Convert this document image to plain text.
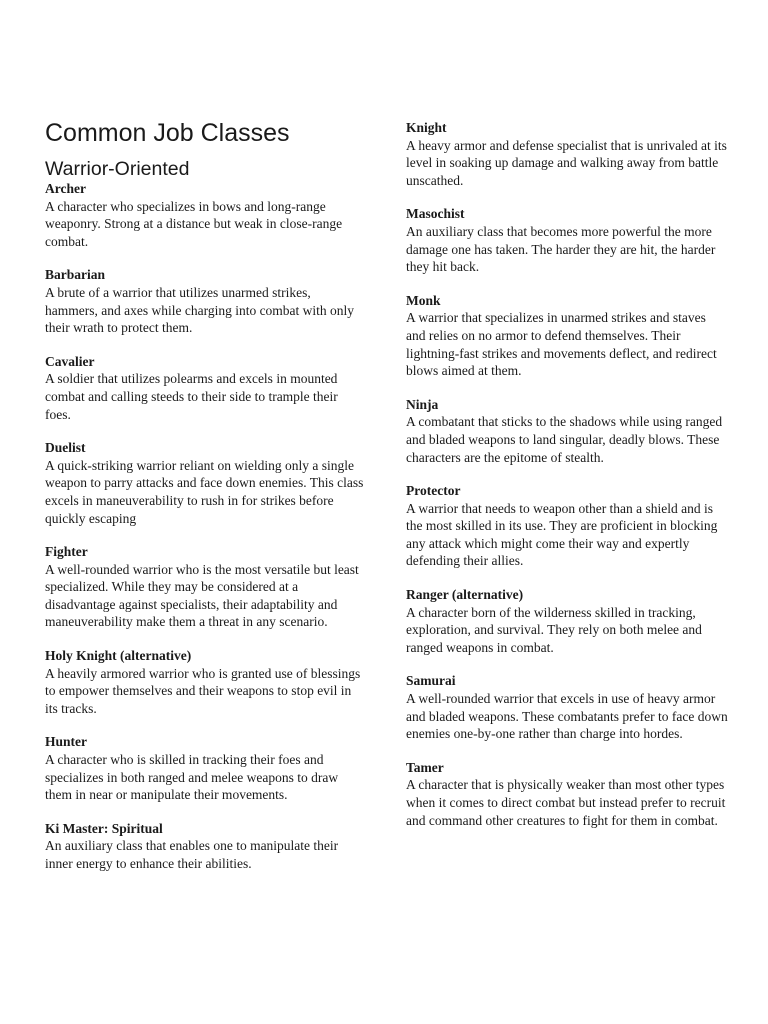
Common Job Classes
Warrior-Oriented

Archer

A character who specializes in bows and long-range weaponry. Strong at a distance but weak in close-range combat.

Barbarian

A brute of a warrior that utilizes unarmed strikes, hammers, and axes while charging into combat with only their wrath to protect them.

Cavalier

A soldier that utilizes polearms and excels in mounted combat and calling steeds to their side to trample their foes.

Duelist

A quick-striking warrior reliant on wielding only a single weapon to parry attacks and face down enemies. This class excels in maneuverability to rush in for strikes before quickly escaping

Fighter

A well-rounded warrior who is the most versatile but least specialized. While they may be considered at a disadvantage against specialists, their adaptability and maneuverability make them a threat in any scenario.

Holy Knight (alternative)

A heavily armored warrior who is granted use of blessings to empower themselves and their weapons to stop evil in its tracks.

Hunter

A character who is skilled in tracking their foes and specializes in both ranged and melee weapons to draw them in near or manipulate their movements.

Ki Master: Spiritual

An auxiliary class that enables one to manipulate their inner energy to enhance their abilities.

Knight

A heavy armor and defense specialist that is unrivaled at its level in soaking up damage and walking away from battle unscathed.

Masochist

An auxiliary class that becomes more powerful the more damage one has taken. The harder they are hit, the harder they hit back.

Monk

A warrior that specializes in unarmed strikes and staves and relies on no armor to defend themselves. Their lightning-fast strikes and movements deflect, and redirect blows aimed at them.

Ninja

A combatant that sticks to the shadows while using ranged and bladed weapons to land singular, deadly blows. These characters are the epitome of stealth.

Protector

A warrior that needs to weapon other than a shield and is the most skilled in its use. They are proficient in blocking any attack which might come their way and expertly defending their allies.

Ranger (alternative)

A character born of the wilderness skilled in tracking, exploration, and survival. They rely on both melee and ranged weapons in combat.

Samurai

A well-rounded warrior that excels in use of heavy armor and bladed weapons. These combatants prefer to face down enemies one-by-one rather than charge into hordes.

Tamer

A character that is physically weaker than most other types when it comes to direct combat but instead prefer to recruit and command other creatures to fight for them in combat.
